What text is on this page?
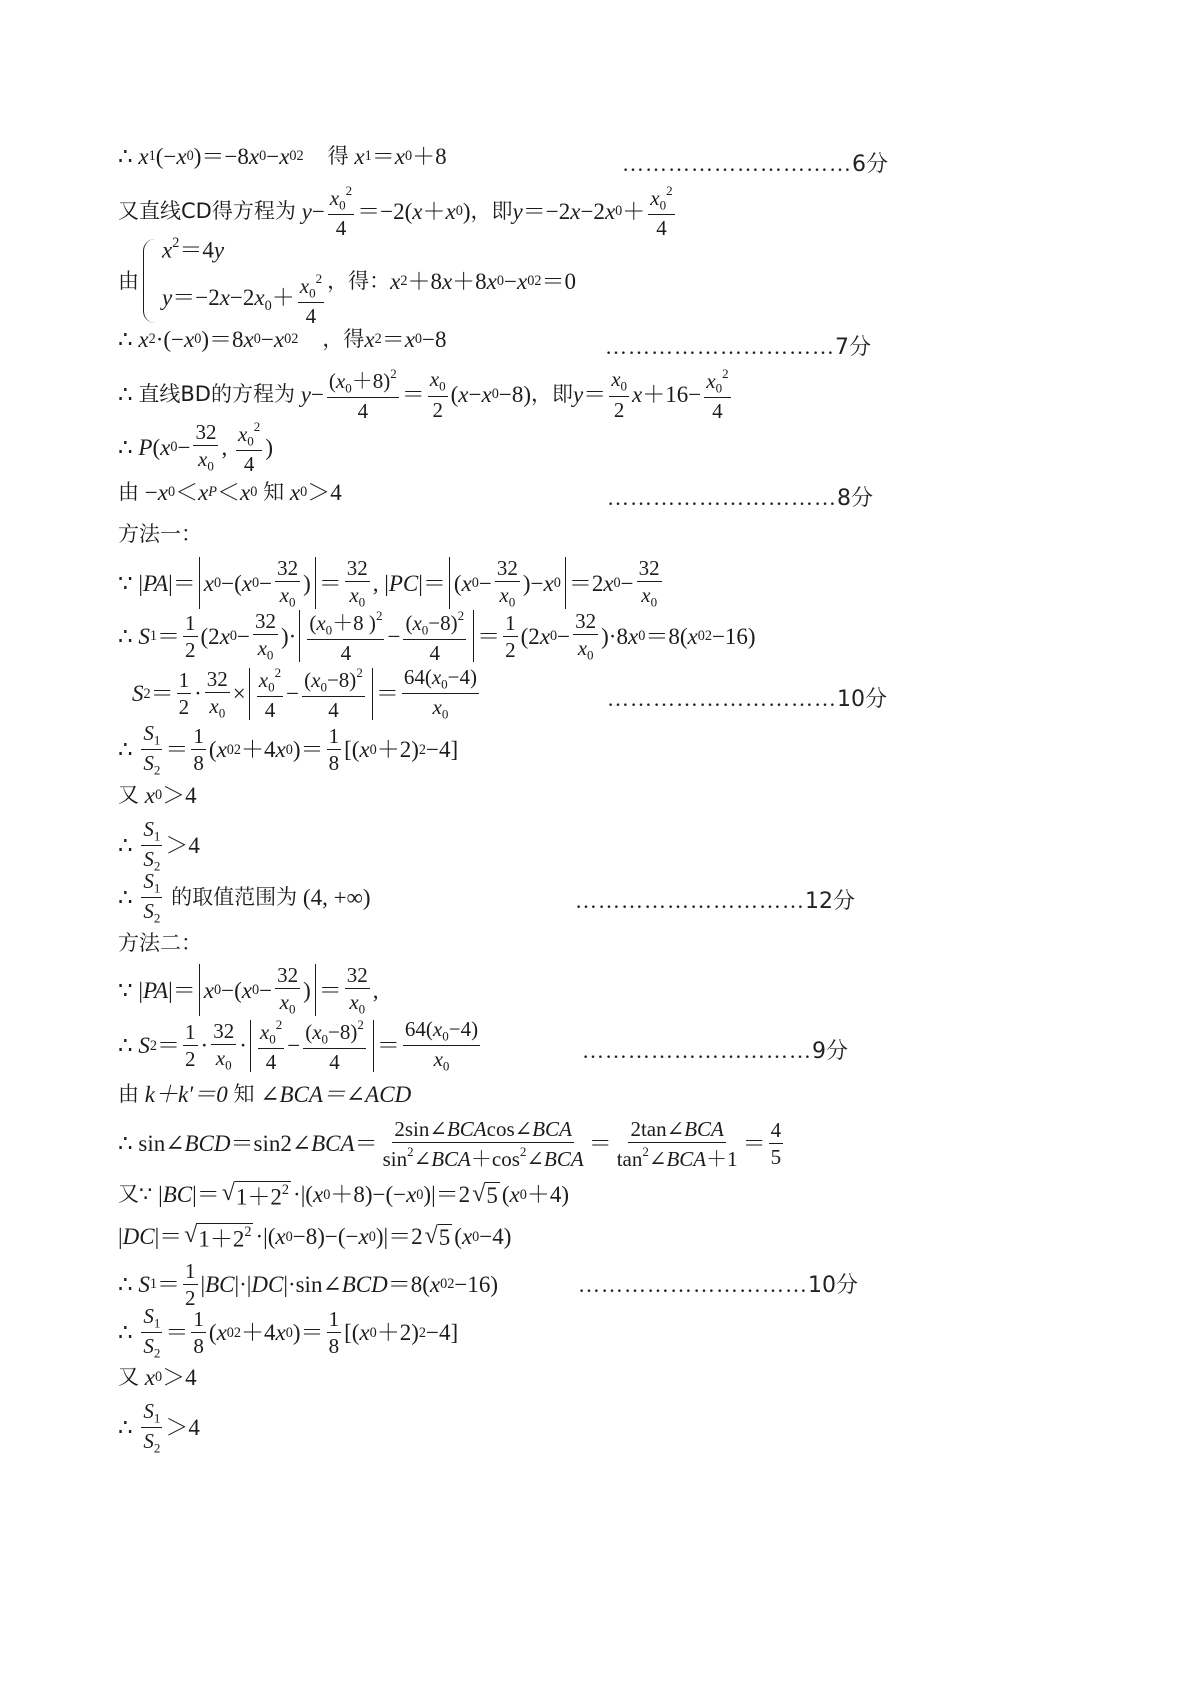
∴ x 1 (− x 0 )＝−8 x 0 − x 0 2 得
x 1 ＝ x 0 ＋8	…………………………6分
又直线CD得方程为
$y - \frac{x_0^2}{4} =-2$( x ＋ x 0 ) ，即 y ＝−2 x −2 x $0 + \frac{x_0^2}{4}$
由
$x^2=4y$
$y=-2x-2x_0+ \frac{x_0^2}{4}$ ，得： x 2 ＋8 x ＋8 x 0 − x 0 2 ＝0
∴ x 2 ·(− x 0 )＝8 x 0 − x 0 2 ，得 x 2 ＝ x 0 −8	…………………………7分
∴ 直线BD的方程为
$y - \frac{(x_0+8)^2}{4} = \frac{x_0}{2}$ ( x − x 0 −8) ，即 $y = \frac{x_0}{2}$ $x +16- \frac{x_0^2}{4}$
∴ P ( x $0 - \frac{32}{x_0}$ , $\frac{x_0^2}{4}$ )
由 − x 0 ＜ x P ＜ x 0
知
x 0 ＞4	…………………………8分
方法一：
∵ | PA |＝ x 0 −( x $0 - \frac{32}{x_0}$ ) ＝ $\frac{32}{x_0}$ , | PC |＝ ( x $0 - \frac{32}{x_0}$ )− x 0 ＝2 x $0 - \frac{32}{x_0}$
∴ S $1 = \frac{1}{2} (2$ x $0 - \frac{32}{x_0}$ )· $\frac{(x_0+8 )^2}{4} - \frac{(x_0-8)^2}{4} = \frac{1}{2} (2$ x $0 - \frac{32}{x_0} )\cdot 8$ x 0 ＝8( x 0 2 −16)
S $2 = \frac{1}{2} \cdot \frac{32}{x_0} \times \frac{x_0^2}{4} - \frac{(x_0-8)^2}{4} = \frac{64(x_0-4)}{x_0}$	…………………………10分
∴ $\frac{S_1}{S_2} = \frac{1}{8}$ ( x 0 2 ＋4 x 0 )＝ $\frac{1}{8}$ [( x 0 ＋2) 2 −4]
又
x 0 ＞4
∴ $\frac{S_1}{S_2} >4$
∴ $\frac{S_1}{S_2}$
的取值范围为
(4, +∞)	…………………………12分
方法二：
∵ | PA |＝ x 0 −( x $0 - \frac{32}{x_0}$ ) ＝ $\frac{32}{x_0}$ ,
∴ S $2 = \frac{1}{2} \cdot \frac{32}{x_0} \cdot \frac{x_0^2}{4} - \frac{(x_0-8)^2}{4} = \frac{64(x_0-4)}{x_0}$	…………………………9分
由
k＋k′＝0
知
∠BCA＝∠ACD
∴ sin∠ BCD ＝sin2∠ BCA ＝ $\frac{\text{2sin∠BCAcos∠BCA}}{\sin^2\angle BCA+\cos^2\angle BCA} = \frac{\text{2tan∠BCA}}{\tan^2\angle BCA+1} = \frac{4}{5}$
又∵ | BC |＝ √ $1+2^2$ ·|( x 0 ＋8)−(− x 0 )|＝2 √ 5 ( x 0 ＋4)
| DC |＝ √ $1+2^2$ ·|( x 0 −8)−(− x 0 )|＝2 √ 5 ( x 0 −4)
∴ S $1 = \frac{1}{2}$ | BC |·| DC |·sin∠ BCD ＝8( x 0 2 −16)	…………………………10分
∴ $\frac{S_1}{S_2} = \frac{1}{8}$ ( x 0 2 ＋4 x 0 )＝ $\frac{1}{8}$ [( x 0 ＋2) 2 −4]
又
x 0 ＞4
∴ $\frac{S_1}{S_2} >4$
